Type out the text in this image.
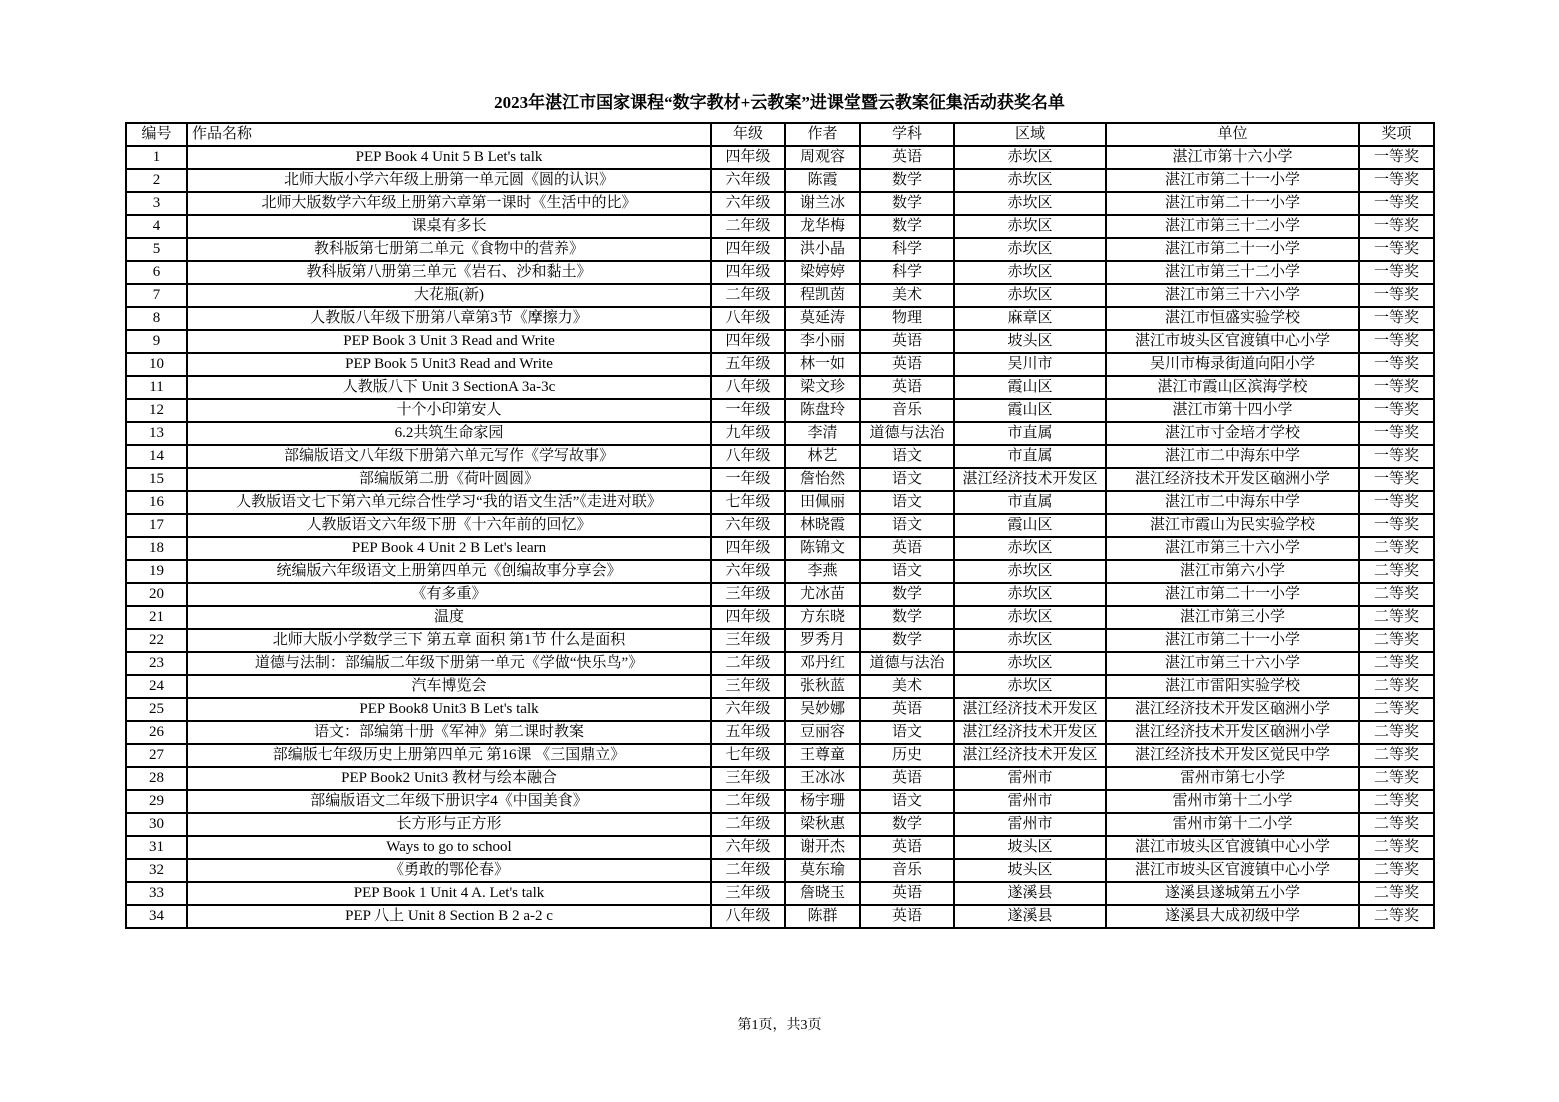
2023年湛江市国家课程“数字教材+云教案”进课堂暨云教案征集活动获奖名单
编号	作品名称	年级	作者	学科	区域	单位	奖项
1	PEP Book 4 Unit 5 B Let's talk	四年级	周观容	英语	赤坎区	湛江市第十六小学	一等奖
2	北师大版小学六年级上册第一单元圆《圆的认识》	六年级	陈霞	数学	赤坎区	湛江市第二十一小学	一等奖
3	北师大版数学六年级上册第六章第一课时《生活中的比》	六年级	谢兰冰	数学	赤坎区	湛江市第二十一小学	一等奖
4	课桌有多长	二年级	龙华梅	数学	赤坎区	湛江市第三十二小学	一等奖
5	教科版第七册第二单元《食物中的营养》	四年级	洪小晶	科学	赤坎区	湛江市第二十一小学	一等奖
6	教科版第八册第三单元《岩石、沙和黏土》	四年级	梁婷婷	科学	赤坎区	湛江市第三十二小学	一等奖
7	大花瓶(新)	二年级	程凯茵	美术	赤坎区	湛江市第三十六小学	一等奖
8	人教版八年级下册第八章第3节《摩擦力》	八年级	莫延涛	物理	麻章区	湛江市恒盛实验学校	一等奖
9	PEP Book 3 Unit 3 Read and Write	四年级	李小丽	英语	坡头区	湛江市坡头区官渡镇中心小学	一等奖
10	PEP Book 5 Unit3 Read and Write	五年级	林一如	英语	吴川市	吴川市梅录街道向阳小学	一等奖
11	人教版八下 Unit 3 SectionA 3a-3c	八年级	梁文珍	英语	霞山区	湛江市霞山区滨海学校	一等奖
12	十个小印第安人	一年级	陈盘玲	音乐	霞山区	湛江市第十四小学	一等奖
13	6.2共筑生命家园	九年级	李清	道德与法治	市直属	湛江市寸金培才学校	一等奖
14	部编版语文八年级下册第六单元写作《学写故事》	八年级	林艺	语文	市直属	湛江市二中海东中学	一等奖
15	部编版第二册《荷叶圆圆》	一年级	詹怡然	语文	湛江经济技术开发区	湛江经济技术开发区硇洲小学	一等奖
16	人教版语文七下第六单元综合性学习“我的语文生活”《走进对联》	七年级	田佩丽	语文	市直属	湛江市二中海东中学	一等奖
17	人教版语文六年级下册《十六年前的回忆》	六年级	林晓霞	语文	霞山区	湛江市霞山为民实验学校	一等奖
18	PEP Book 4 Unit 2 B Let's learn	四年级	陈锦文	英语	赤坎区	湛江市第三十六小学	二等奖
19	统编版六年级语文上册第四单元《创编故事分享会》	六年级	李燕	语文	赤坎区	湛江市第六小学	二等奖
20	《有多重》	三年级	尤冰苗	数学	赤坎区	湛江市第二十一小学	二等奖
21	温度	四年级	方东晓	数学	赤坎区	湛江市第三小学	二等奖
22	北师大版小学数学三下 第五章 面积 第1节 什么是面积	三年级	罗秀月	数学	赤坎区	湛江市第二十一小学	二等奖
23	道德与法制：部编版二年级下册第一单元《学做“快乐鸟”》	二年级	邓丹红	道德与法治	赤坎区	湛江市第三十六小学	二等奖
24	汽车博览会	三年级	张秋蓝	美术	赤坎区	湛江市雷阳实验学校	二等奖
25	PEP Book8 Unit3 B Let's talk	六年级	吴妙娜	英语	湛江经济技术开发区	湛江经济技术开发区硇洲小学	二等奖
26	语文：部编第十册《军神》第二课时教案	五年级	豆丽容	语文	湛江经济技术开发区	湛江经济技术开发区硇洲小学	二等奖
27	部编版七年级历史上册第四单元 第16课 《三国鼎立》	七年级	王尊童	历史	湛江经济技术开发区	湛江经济技术开发区觉民中学	二等奖
28	PEP Book2 Unit3 教材与绘本融合	三年级	王冰冰	英语	雷州市	雷州市第七小学	二等奖
29	部编版语文二年级下册识字4《中国美食》	二年级	杨宇珊	语文	雷州市	雷州市第十二小学	二等奖
30	长方形与正方形	二年级	梁秋惠	数学	雷州市	雷州市第十二小学	二等奖
31	Ways to go to school	六年级	谢开杰	英语	坡头区	湛江市坡头区官渡镇中心小学	二等奖
32	《勇敢的鄂伦春》	二年级	莫东瑜	音乐	坡头区	湛江市坡头区官渡镇中心小学	二等奖
33	PEP Book 1 Unit 4 A. Let's talk	三年级	詹晓玉	英语	遂溪县	遂溪县遂城第五小学	二等奖
34	PEP 八上 Unit 8 Section B 2 a-2 c	八年级	陈群	英语	遂溪县	遂溪县大成初级中学	二等奖
第1页，共3页
